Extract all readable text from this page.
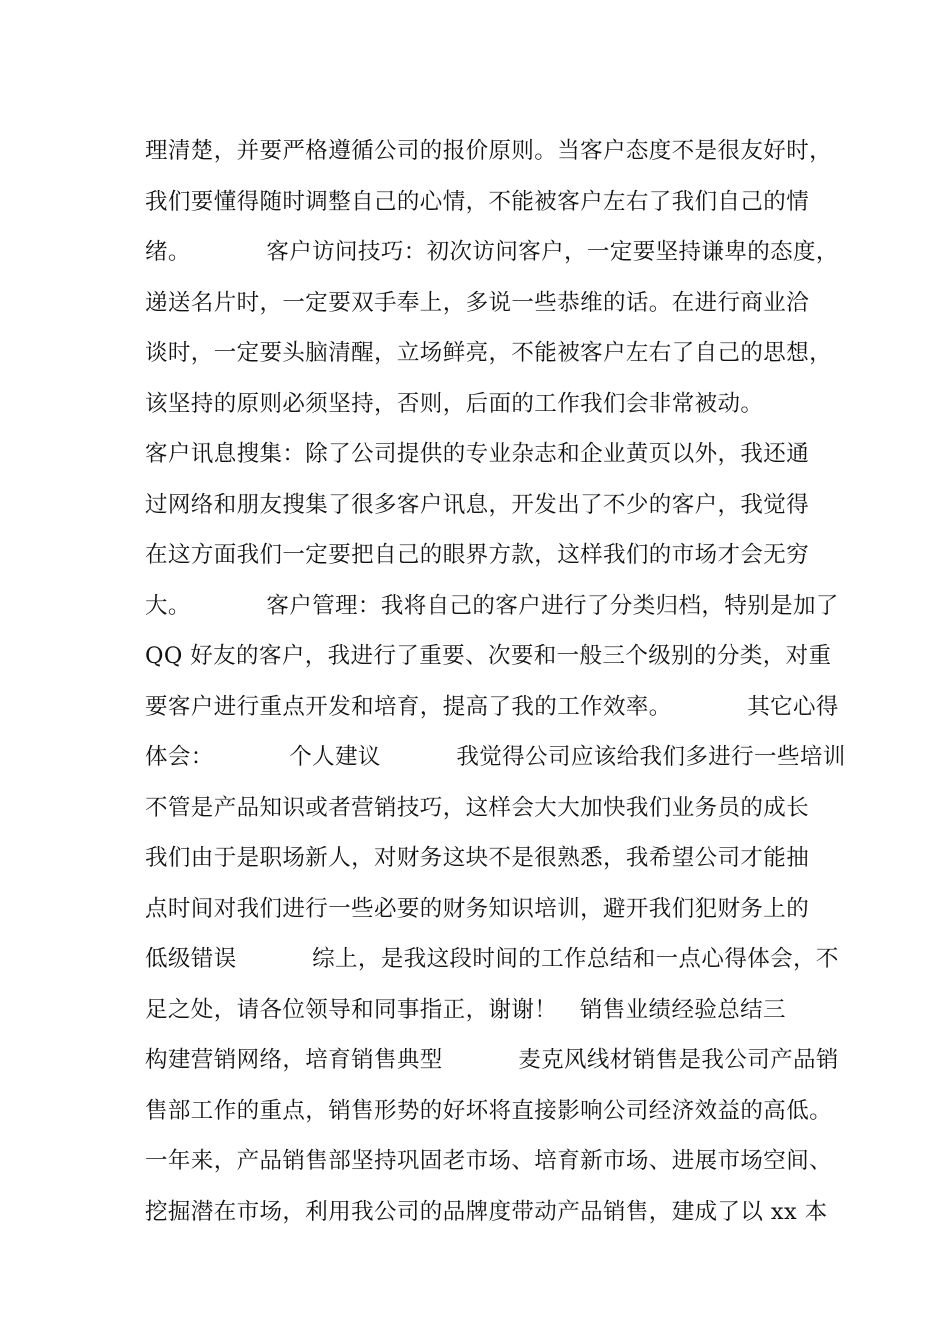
理清楚，并要严格遵循公司的报价原则。当客户态度不是很友好时，
我们要懂得随时调整自己的心情，不能被客户左右了我们自己的情
绪。          客户访问技巧：初次访问客户，一定要坚持谦卑的态度，
递送名片时，一定要双手奉上，多说一些恭维的话。在进行商业洽
谈时，一定要头脑清醒，立场鲜亮，不能被客户左右了自己的思想，
该坚持的原则必须坚持，否则，后面的工作我们会非常被动。
客户讯息搜集：除了公司提供的专业杂志和企业黄页以外，我还通
过网络和朋友搜集了很多客户讯息，开发出了不少的客户，我觉得
在这方面我们一定要把自己的眼界方款，这样我们的市场才会无穷
大。          客户管理：我将自己的客户进行了分类归档，特别是加了
QQ 好友的客户，我进行了重要、次要和一般三个级别的分类，对重
要客户进行重点开发和培育，提高了我的工作效率。          其它心得
体会：          个人建议          我觉得公司应该给我们多进行一些培训
不管是产品知识或者营销技巧，这样会大大加快我们业务员的成长
我们由于是职场新人，对财务这块不是很熟悉，我希望公司才能抽
点时间对我们进行一些必要的财务知识培训，避开我们犯财务上的
低级错误          综上，是我这段时间的工作总结和一点心得体会，不
足之处，请各位领导和同事指正，谢谢！   销售业绩经验总结三
构建营销网络，培育销售典型          麦克风线材销售是我公司产品销
售部工作的重点，销售形势的好坏将直接影响公司经济效益的高低。
一年来，产品销售部坚持巩固老市场、培育新市场、进展市场空间、
挖掘潜在市场，利用我公司的品牌度带动产品销售，建成了以 xx 本
